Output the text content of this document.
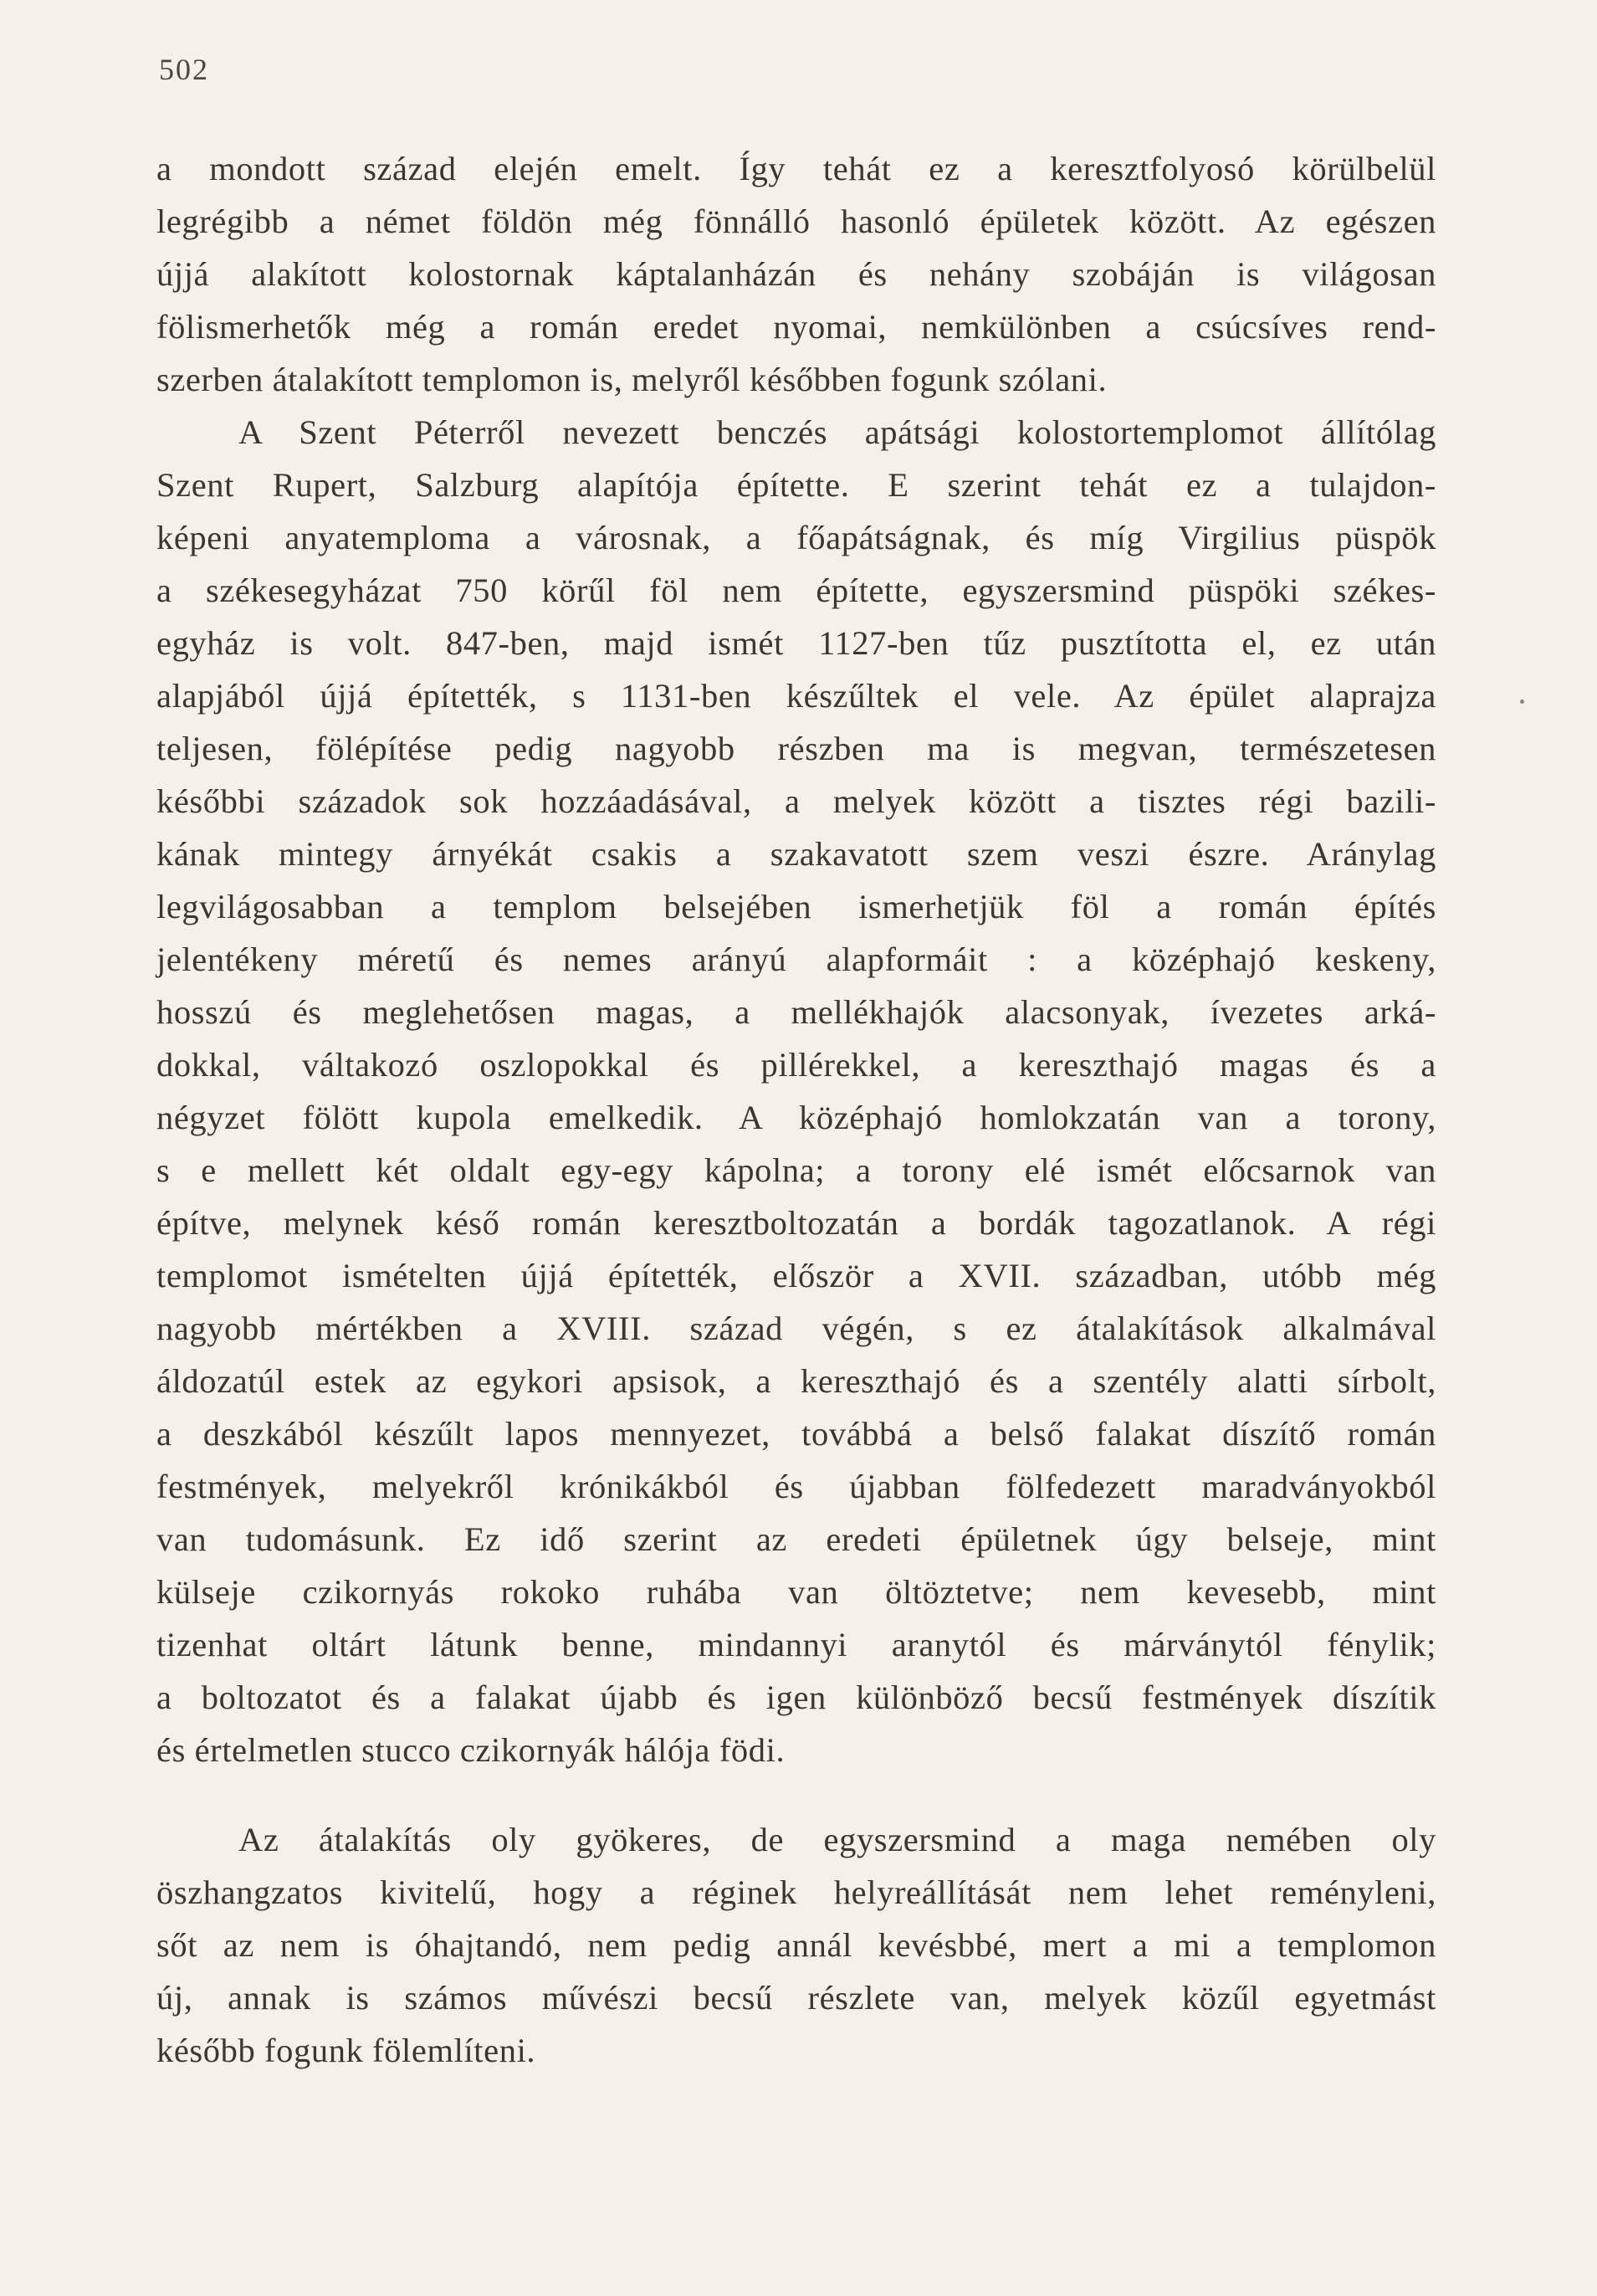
502

a mondott század elején emelt. Így tehát ez a keresztfolyosó körülbelül
legrégibb a német földön még fönnálló hasonló épületek között. Az egészen
újjá alakított kolostornak káptalanházán és nehány szobáján is világosan
fölismerhetők még a román eredet nyomai, nemkülönben a csúcsíves rend-
szerben átalakított templomon is, melyről későbben fogunk szólani.

A Szent Péterről nevezett benczés apátsági kolostortemplomot állítólag
Szent Rupert, Salzburg alapítója építette. E szerint tehát ez a tulajdon-
képeni anyatemploma a városnak, a főapátságnak, és míg Virgilius püspök
a székesegyházat 750 körűl föl nem építette, egyszersmind püspöki székes-
egyház is volt. 847-ben, majd ismét 1127-ben tűz pusztította el, ez után
alapjából újjá építették, s 1131-ben készűltek el vele. Az épület alaprajza
teljesen, fölépítése pedig nagyobb részben ma is megvan, természetesen
későbbi századok sok hozzáadásával, a melyek között a tisztes régi bazili-
kának mintegy árnyékát csakis a szakavatott szem veszi észre. Aránylag
legvilágosabban a templom belsejében ismerhetjük föl a román építés
jelentékeny méretű és nemes arányú alapformáit : a középhajó keskeny,
hosszú és meglehetősen magas, a mellékhajók alacsonyak, ívezetes arká-
dokkal, váltakozó oszlopokkal és pillérekkel, a kereszthajó magas és a
négyzet fölött kupola emelkedik. A középhajó homlokzatán van a torony,
s e mellett két oldalt egy-egy kápolna; a torony elé ismét előcsarnok van
építve, melynek késő román keresztboltozatán a bordák tagozatlanok. A régi
templomot ismételten újjá építették, először a XVII. században, utóbb még
nagyobb mértékben a XVIII. század végén, s ez átalakítások alkalmával
áldozatúl estek az egykori apsisok, a kereszthajó és a szentély alatti sírbolt,
a deszkából készűlt lapos mennyezet, továbbá a belső falakat díszítő román
festmények, melyekről krónikákból és újabban fölfedezett maradványokból
van tudomásunk. Ez idő szerint az eredeti épületnek úgy belseje, mint
külseje czikornyás rokoko ruhába van öltöztetve; nem kevesebb, mint
tizenhat oltárt látunk benne, mindannyi aranytól és márványtól fénylik;
a boltozatot és a falakat újabb és igen különböző becsű festmények díszítik
és értelmetlen stucco czikornyák hálója födi.

Az átalakítás oly gyökeres, de egyszersmind a maga nemében oly
öszhangzatos kivitelű, hogy a réginek helyreállítását nem lehet reményleni,
sőt az nem is óhajtandó, nem pedig annál kevésbbé, mert a mi a templomon
új, annak is számos művészi becsű részlete van, melyek közűl egyetmást
később fogunk fölemlíteni.
